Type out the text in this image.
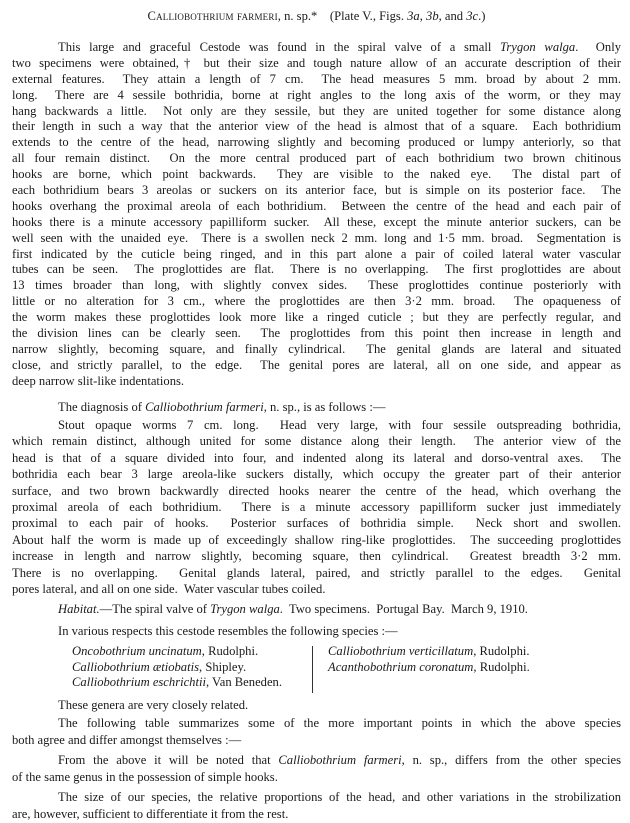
Calliobothrium farmeri, n. sp.* (Plate V., Figs. 3a, 3b, and 3c.)
This large and graceful Cestode was found in the spiral valve of a small Trygon walga.  Only
two specimens were obtained,† but their size and tough nature allow of an accurate description of their
external features.  They attain a length of 7 cm.  The head measures 5 mm. broad by about 2 mm.
long.  There are 4 sessile bothridia, borne at right angles to the long axis of the worm, or they may
hang backwards a little.  Not only are they sessile, but they are united together for some distance along
their length in such a way that the anterior view of the head is almost that of a square.  Each bothridium
extends to the centre of the head, narrowing slightly and becoming produced or lumpy anteriorly, so that
all four remain distinct.  On the more central produced part of each bothridium two brown chitinous
hooks are borne, which point backwards.  They are visible to the naked eye.  The distal part of
each bothridium bears 3 areolas or suckers on its anterior face, but is simple on its posterior face.  The
hooks overhang the proximal areola of each bothridium.  Between the centre of the head and each pair of
hooks there is a minute accessory papilliform sucker.  All these, except the minute anterior suckers, can be
well seen with the unaided eye.  There is a swollen neck 2 mm. long and 1·5 mm. broad.  Segmentation is
first indicated by the cuticle being ringed, and in this part alone a pair of coiled lateral water vascular
tubes can be seen.  The proglottides are flat.  There is no overlapping.  The first proglottides are about
13 times broader than long, with slightly convex sides.  These proglottides continue posteriorly with
little or no alteration for 3 cm., where the proglottides are then 3·2 mm. broad.  The opaqueness of
the worm makes these proglottides look more like a ringed cuticle ; but they are perfectly regular, and
the division lines can be clearly seen.  The proglottides from this point then increase in length and
narrow slightly, becoming square, and finally cylindrical.  The genital glands are lateral and situated
close, and strictly parallel, to the edge.  The genital pores are lateral, all on one side, and appear as
deep narrow slit-like indentations.
The diagnosis of Calliobothrium farmeri, n. sp., is as follows :—
Stout opaque worms 7 cm. long.  Head very large, with four sessile outspreading bothridia,
which remain distinct, although united for some distance along their length.  The anterior view of the
head is that of a square divided into four, and indented along its lateral and dorso-ventral axes.  The
bothridia each bear 3 large areola-like suckers distally, which occupy the greater part of their anterior
surface, and two brown backwardly directed hooks nearer the centre of the head, which overhang the
proximal areola of each bothridium.  There is a minute accessory papilliform sucker just immediately
proximal to each pair of hooks.  Posterior surfaces of bothridia simple.  Neck short and swollen.
About half the worm is made up of exceedingly shallow ring-like proglottides.  The succeeding proglottides
increase in length and narrow slightly, becoming square, then cylindrical.  Greatest breadth 3·2 mm.
There is no overlapping.  Genital glands lateral, paired, and strictly parallel to the edges.  Genital
pores lateral, and all on one side.  Water vascular tubes coiled.
Habitat.—The spiral valve of Trygon walga.  Two specimens.  Portugal Bay.  March 9, 1910.
In various respects this cestode resembles the following species :—
These genera are very closely related.
The following table summarizes some of the more important points in which the above species
both agree and differ amongst themselves :—
From the above it will be noted that Calliobothrium farmeri, n. sp., differs from the other species
of the same genus in the possession of simple hooks.
The size of our species, the relative proportions of the head, and other variations in the strobilization
are, however, sufficient to differentiate it from the rest.
Oncobothrium uncinatum, Rudolphi.
Calliobothrium ætiobatis, Shipley.
Calliobothrium eschrichtii, Van Beneden.
Calliobothrium verticillatum, Rudolphi.
Acanthobothrium coronatum, Rudolphi.
